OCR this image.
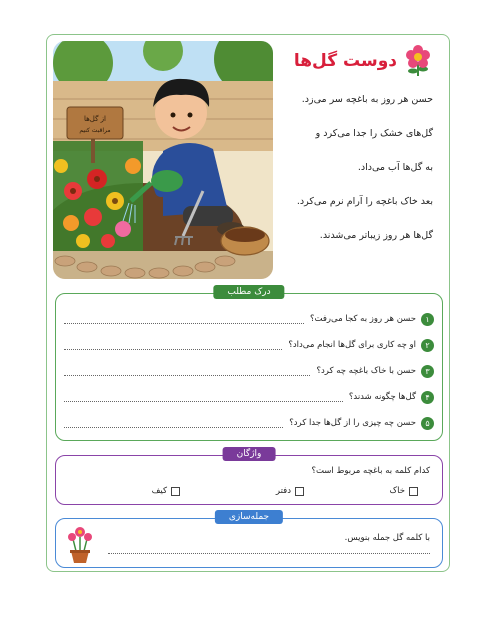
از گل‌ها
مراقبت کنیم
دوست گل‌ها

حسن هر روز به باغچه سر می‌زد.

گل‌های خشک را جدا می‌کرد و

به گل‌ها آب می‌داد.

بعد خاک باغچه را آرام نرم می‌کرد.

گل‌ها هر روز زیباتر می‌شدند.

درک مطلب
۱
حسن هر روز به کجا می‌رفت؟
۲
او چه کاری برای گل‌ها انجام می‌داد؟
۳
حسن با خاک باغچه چه کرد؟
۴
گل‌ها چگونه شدند؟
۵
حسن چه چیزی را از گل‌ها جدا کرد؟
واژگان
کدام کلمه به باغچه مربوط است؟
خاک
دفتر
کیف
جمله‌سازی
با کلمه گل جمله بنویس.
